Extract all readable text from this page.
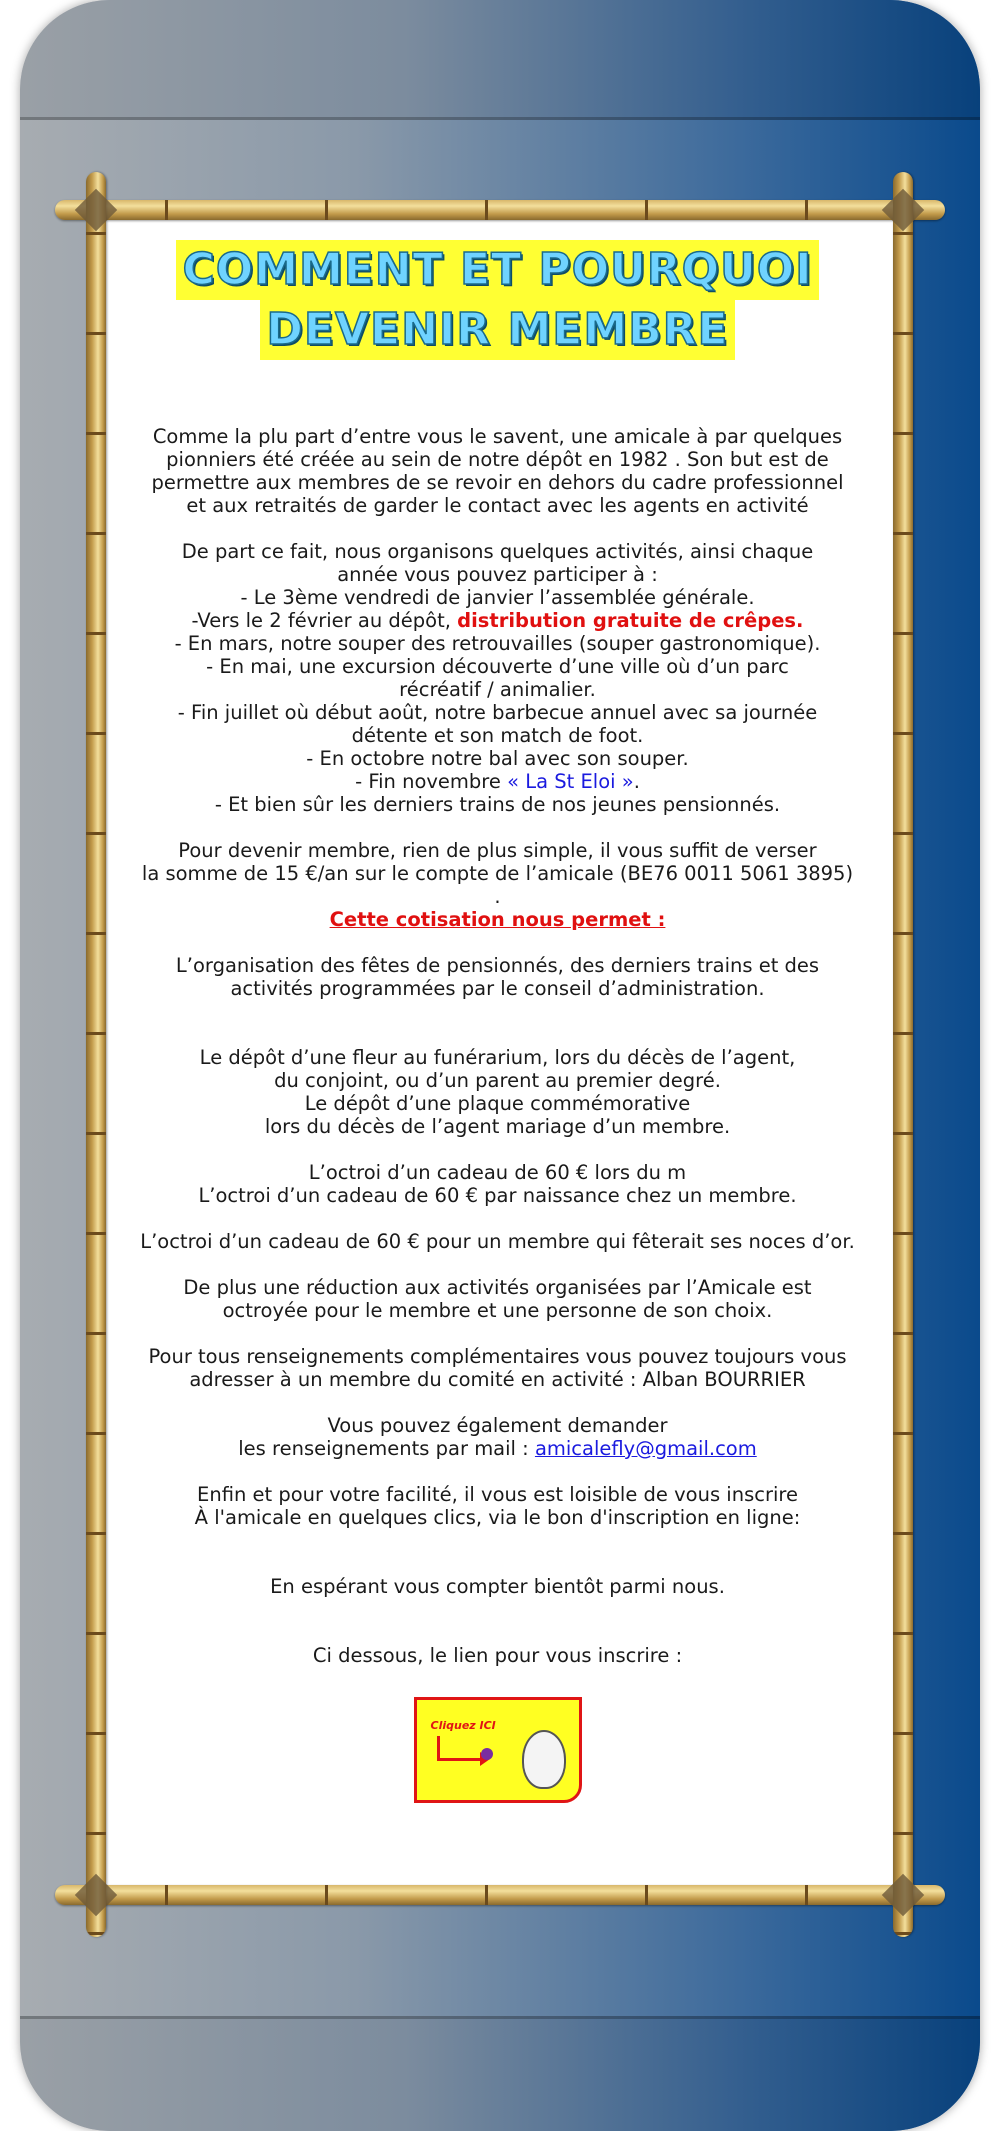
COMMENT ET POURQUOI
DEVENIR MEMBRE

Comme la plu part d’entre vous le savent, une amicale à par quelques

pionniers été créée au sein de notre dépôt en 1982 . Son but est de

permettre aux membres de se revoir en dehors du cadre professionnel

et aux retraités de garder le contact avec les agents en activité

De part ce fait, nous organisons quelques activités, ainsi chaque

année vous pouvez participer à :

- Le 3ème vendredi de janvier l’assemblée générale.

-Vers le 2 février au dépôt, distribution gratuite de crêpes.

- En mars, notre souper des retrouvailles (souper gastronomique).

- En mai, une excursion découverte d’une ville où d’un parc

récréatif / animalier.

- Fin juillet où début août, notre barbecue annuel avec sa journée

détente et son match de foot.

- En octobre notre bal avec son souper.

- Fin novembre « La St Eloi ».

- Et bien sûr les derniers trains de nos jeunes pensionnés.

Pour devenir membre, rien de plus simple, il vous suffit de verser

la somme de 15 €/an sur le compte de l’amicale (BE76 0011 5061 3895)

.

Cette cotisation nous permet :

L’organisation des fêtes de pensionnés, des derniers trains et des

activités programmées par le conseil d’administration.

Le dépôt d’une fleur au funérarium, lors du décès de l’agent,

du conjoint, ou d’un parent au premier degré.

Le dépôt d’une plaque commémorative

lors du décès de l’agent mariage d’un membre.

L’octroi d’un cadeau de 60 € lors du m

L’octroi d’un cadeau de 60 € par naissance chez un membre.

L’octroi d’un cadeau de 60 € pour un membre qui fêterait ses noces d’or.

De plus une réduction aux activités organisées par l’Amicale est

octroyée pour le membre et une personne de son choix.

Pour tous renseignements complémentaires vous pouvez toujours vous

adresser à un membre du comité en activité : Alban BOURRIER

Vous pouvez également demander

les renseignements par mail : amicalefly@gmail.com

Enfin et pour votre facilité, il vous est loisible de vous inscrire

À l'amicale en quelques clics, via le bon d'inscription en ligne:

En espérant vous compter bientôt parmi nous.

Ci dessous, le lien pour vous inscrire :

Cliquez ICI
